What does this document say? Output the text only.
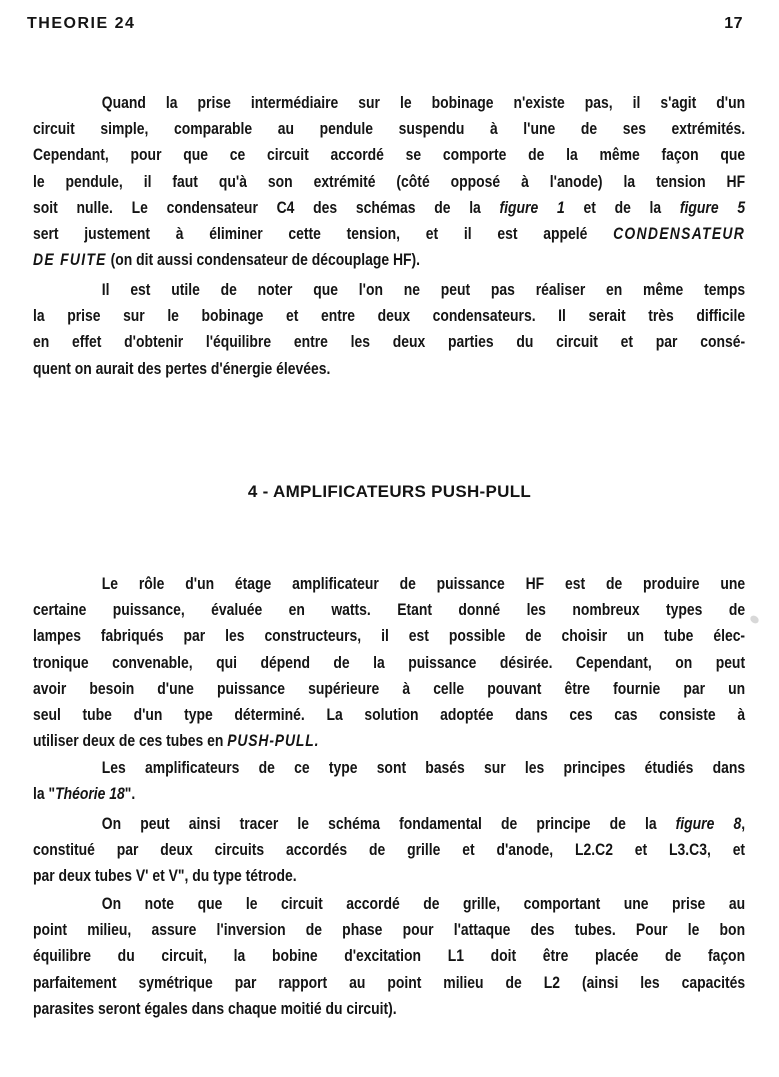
THEORIE 24	17
Quand la prise intermédiaire sur le bobinage n'existe pas, il s'agit d'un
circuit simple, comparable au pendule suspendu à l'une de ses extrémités.
Cependant, pour que ce circuit accordé se comporte de la même façon que
le pendule, il faut qu'à son extrémité (côté opposé à l'anode) la tension HF
soit nulle. Le condensateur C4 des schémas de la figure 1 et de la figure 5
sert justement à éliminer cette tension, et il est appelé CONDENSATEUR
DE FUITE (on dit aussi condensateur de découplage HF).
Il est utile de noter que l'on ne peut pas réaliser en même temps
la prise sur le bobinage et entre deux condensateurs. Il serait très difficile
en effet d'obtenir l'équilibre entre les deux parties du circuit et par consé-
quent on aurait des pertes d'énergie élevées.
4 - AMPLIFICATEURS PUSH-PULL
Le rôle d'un étage amplificateur de puissance HF est de produire une
certaine puissance, évaluée en watts. Etant donné les nombreux types de
lampes fabriqués par les constructeurs, il est possible de choisir un tube élec-
tronique convenable, qui dépend de la puissance désirée. Cependant, on peut
avoir besoin d'une puissance supérieure à celle pouvant être fournie par un
seul tube d'un type déterminé. La solution adoptée dans ces cas consiste à
utiliser deux de ces tubes en PUSH-PULL.
Les amplificateurs de ce type sont basés sur les principes étudiés dans
la "Théorie 18".
On peut ainsi tracer le schéma fondamental de principe de la figure 8,
constitué par deux circuits accordés de grille et d'anode, L2.C2 et L3.C3, et
par deux tubes V' et V", du type tétrode.
On note que le circuit accordé de grille, comportant une prise au
point milieu, assure l'inversion de phase pour l'attaque des tubes. Pour le bon
équilibre du circuit, la bobine d'excitation L1 doit être placée de façon
parfaitement symétrique par rapport au point milieu de L2 (ainsi les capacités
parasites seront égales dans chaque moitié du circuit).
